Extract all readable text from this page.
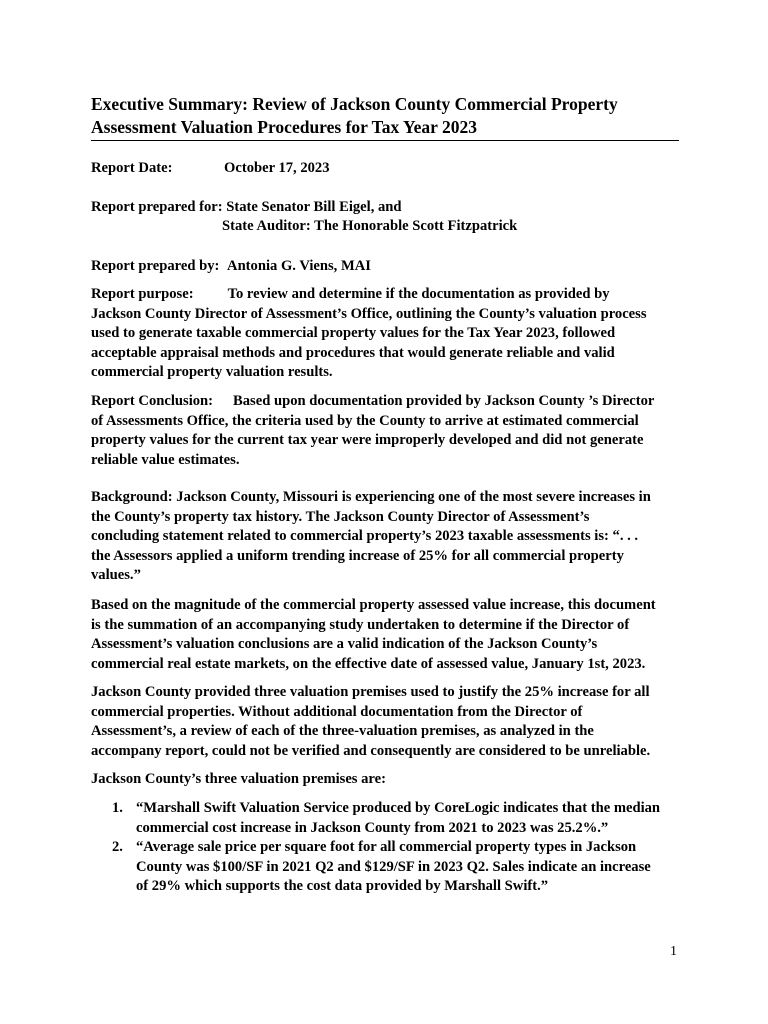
Executive Summary: Review of Jackson County Commercial Property
Assessment Valuation Procedures for Tax Year 2023
Report Date:	October 17, 2023
Report prepared for: State Senator Bill Eigel, and
State Auditor: The Honorable Scott Fitzpatrick
Report prepared by: Antonia G. Viens, MAI
Report purpose: To review and determine if the documentation as provided by
Jackson County Director of Assessment’s Office, outlining the County’s valuation process
used to generate taxable commercial property values for the Tax Year 2023, followed
acceptable appraisal methods and procedures that would generate reliable and valid
commercial property valuation results.
Report Conclusion: Based upon documentation provided by Jackson County ’s Director
of Assessments Office, the criteria used by the County to arrive at estimated commercial
property values for the current tax year were improperly developed and did not generate
reliable value estimates.
Background: Jackson County, Missouri is experiencing one of the most severe increases in
the County’s property tax history. The Jackson County Director of Assessment’s
concluding statement related to commercial property’s 2023 taxable assessments is: “. . .
the Assessors applied a uniform trending increase of 25% for all commercial property
values.”
Based on the magnitude of the commercial property assessed value increase, this document
is the summation of an accompanying study undertaken to determine if the Director of
Assessment’s valuation conclusions are a valid indication of the Jackson County’s
commercial real estate markets, on the effective date of assessed value, January 1st, 2023.
Jackson County provided three valuation premises used to justify the 25% increase for all
commercial properties. Without additional documentation from the Director of
Assessment’s, a review of each of the three-valuation premises, as analyzed in the
accompany report, could not be verified and consequently are considered to be unreliable.
Jackson County’s three valuation premises are:
1. “Marshall Swift Valuation Service produced by CoreLogic indicates that the median
commercial cost increase in Jackson County from 2021 to 2023 was 25.2%.”
2. “Average sale price per square foot for all commercial property types in Jackson
County was $100/SF in 2021 Q2 and $129/SF in 2023 Q2. Sales indicate an increase
of 29% which supports the cost data provided by Marshall Swift.”
1
